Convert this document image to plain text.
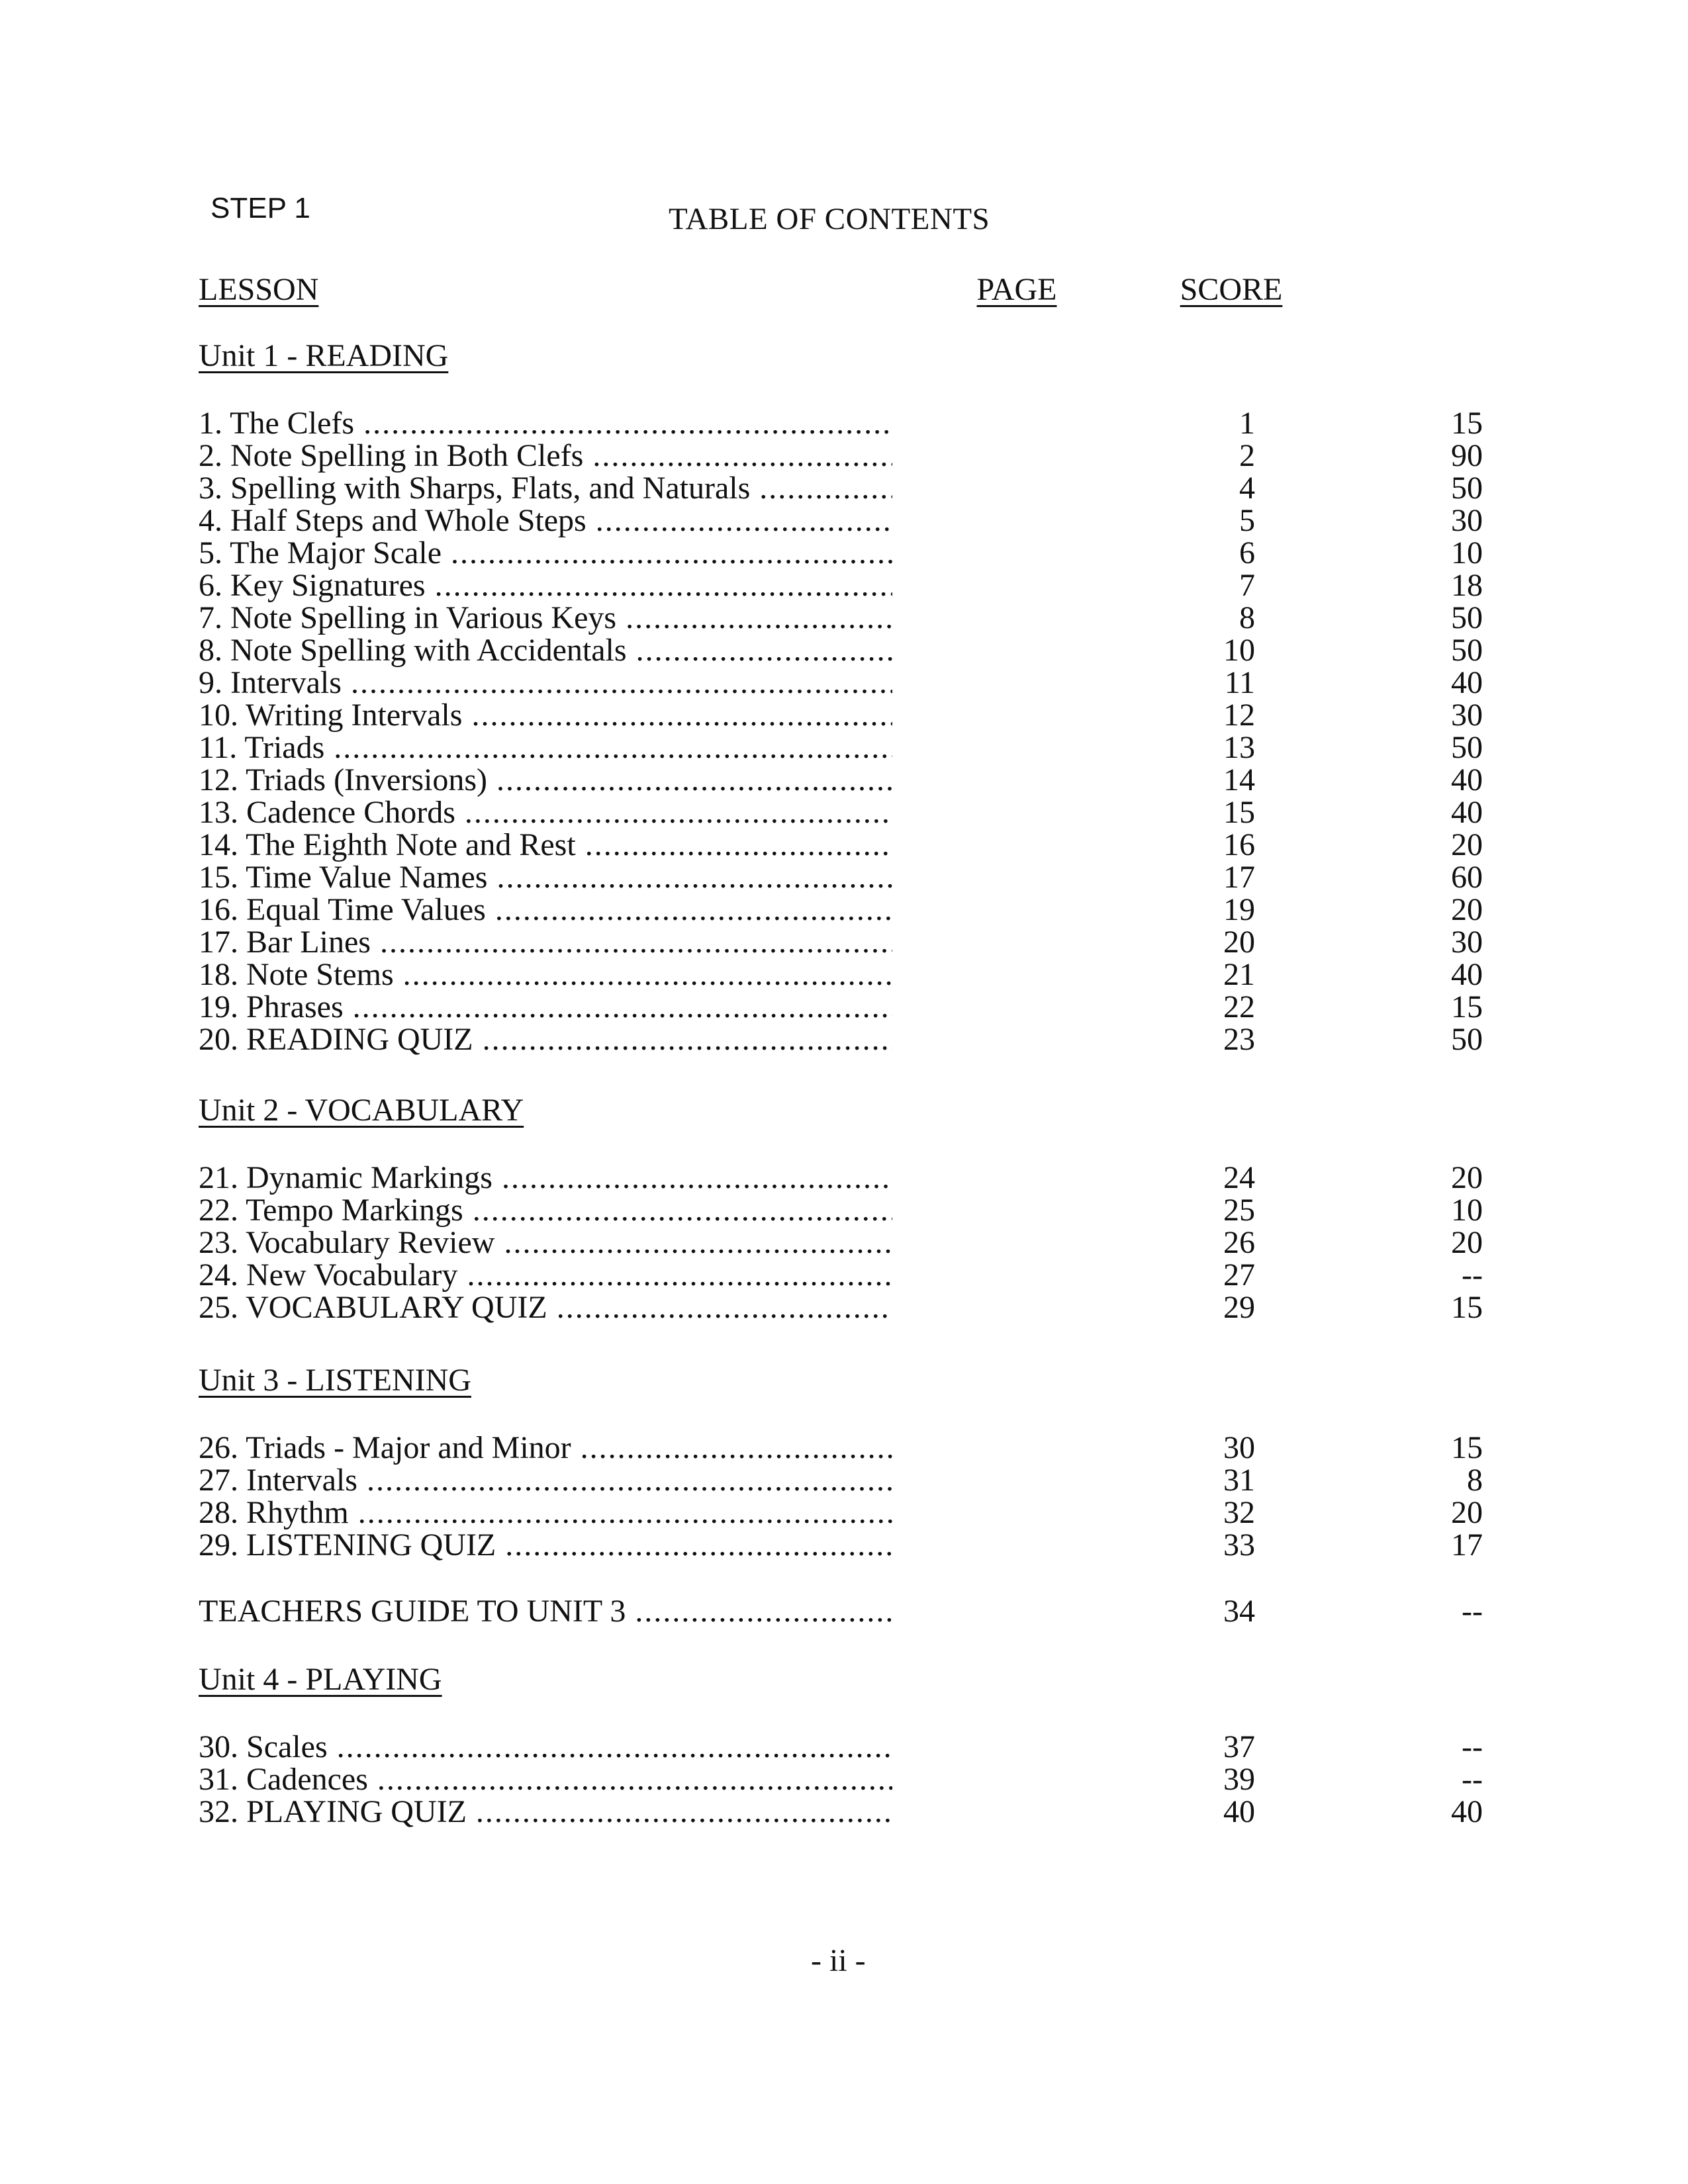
STEP 1	TABLE OF CONTENTS
LESSON	PAGE	SCORE
Unit 1 - READING
1. The Clefs .....	1	15
2. Note Spelling in Both Clefs .....	2	90
3. Spelling with Sharps, Flats, and Naturals .....	4	50
4. Half Steps and Whole Steps .....	5	30
5. The Major Scale .....	6	10
6. Key Signatures .....	7	18
7. Note Spelling in Various Keys .....	8	50
8. Note Spelling with Accidentals .....	10	50
9. Intervals .....	11	40
10. Writing Intervals .....	12	30
11. Triads .....	13	50
12. Triads (Inversions) .....	14	40
13. Cadence Chords .....	15	40
14. The Eighth Note and Rest .....	16	20
15. Time Value Names .....	17	60
16. Equal Time Values .....	19	20
17. Bar Lines .....	20	30
18. Note Stems .....	21	40
19. Phrases .....	22	15
20. READING QUIZ .....	23	50
Unit 2 - VOCABULARY
21. Dynamic Markings .....	24	20
22. Tempo Markings .....	25	10
23. Vocabulary Review .....	26	20
24. New Vocabulary .....	27	--
25. VOCABULARY QUIZ .....	29	15
Unit 3 - LISTENING
26. Triads - Major and Minor .....	30	15
27. Intervals .....	31	8
28. Rhythm .....	32	20
29. LISTENING QUIZ .....	33	17
TEACHERS GUIDE TO UNIT 3 .....	34	--
Unit 4 - PLAYING
30. Scales .....	37	--
31. Cadences .....	39	--
32. PLAYING QUIZ .....	40	40
- ii -
